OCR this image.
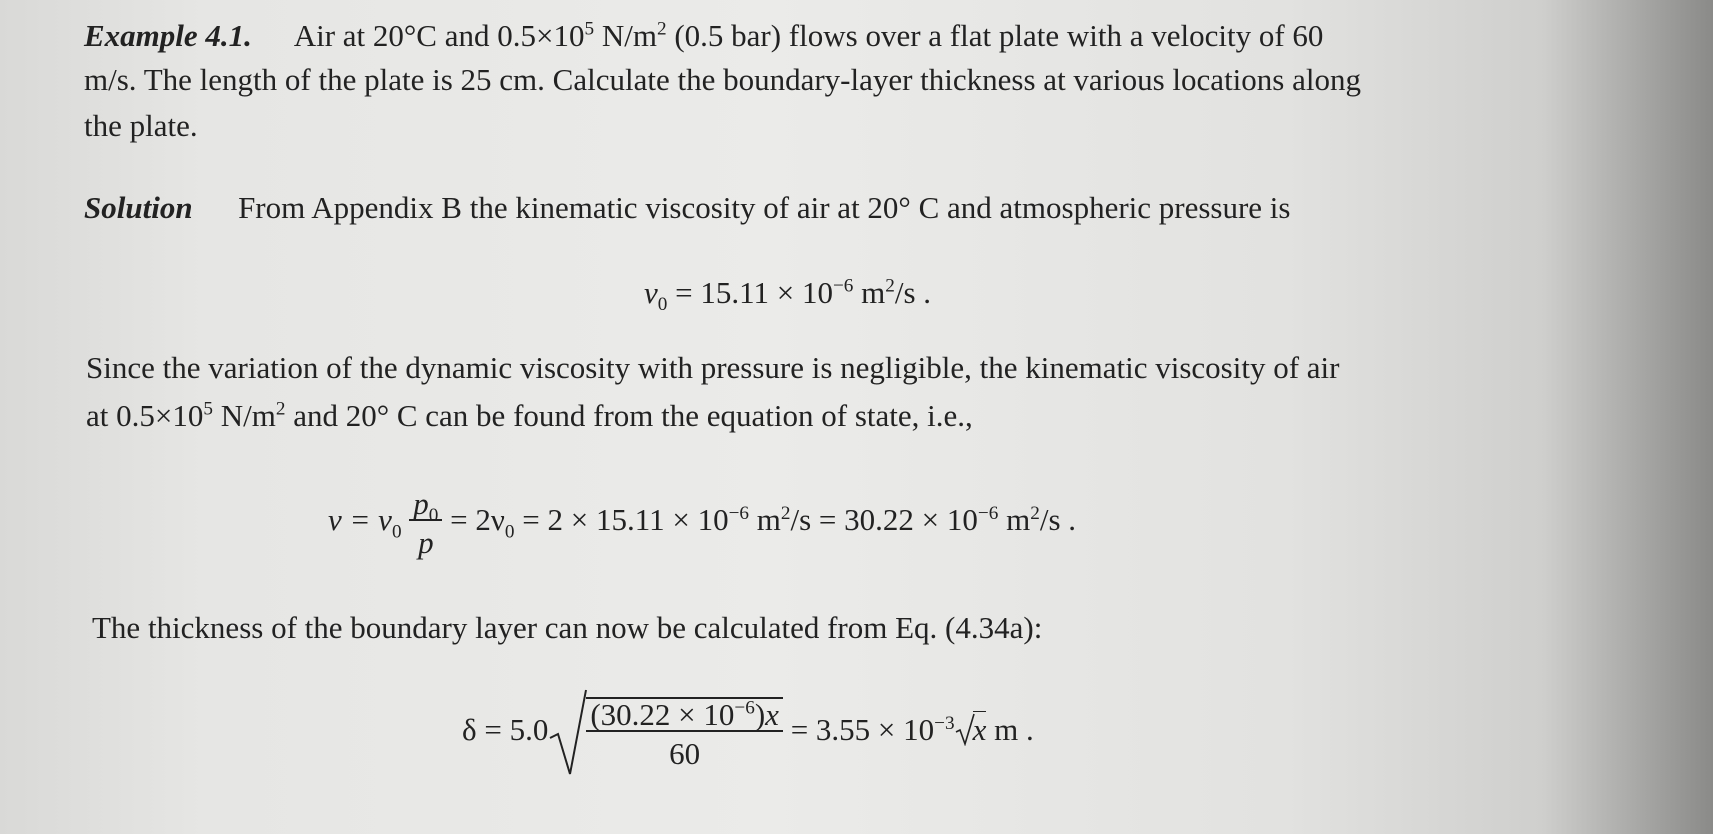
Example 4.1. Air at 20°C and $0.5\times 10^5$ $N/m^2$ (0.5 bar) flows over a flat plate with a velocity of 60
m/s. The length of the plate is 25 cm. Calculate the boundary-layer thickness at various locations along
the plate.
Solution From Appendix B the kinematic viscosity of air at 20° C and atmospheric pressure is
$\nu_0 = 15.11 \times 10^{-6}$ $m^2/s$ .
Since the variation of the dynamic viscosity with pressure is negligible, the kinematic viscosity of air
at $0.5\times 10^5$ $N/m^2$ and 20° C can be found from the equation of state, i.e.,
$\nu = \nu_0 \frac{p_0}{p} = 2\nu_0 = 2 \times 15.11 \times 10^{-6}$ $m^2/s = 30.22 \times 10^{-6}$ $m^2/s$ .
The thickness of the boundary layer can now be calculated from Eq. (4.34a):
$\delta = 5.0 \frac{(30.22 \times 10^{-6})x}{60} = 3.55 \times 10^{-3}$ x m .
